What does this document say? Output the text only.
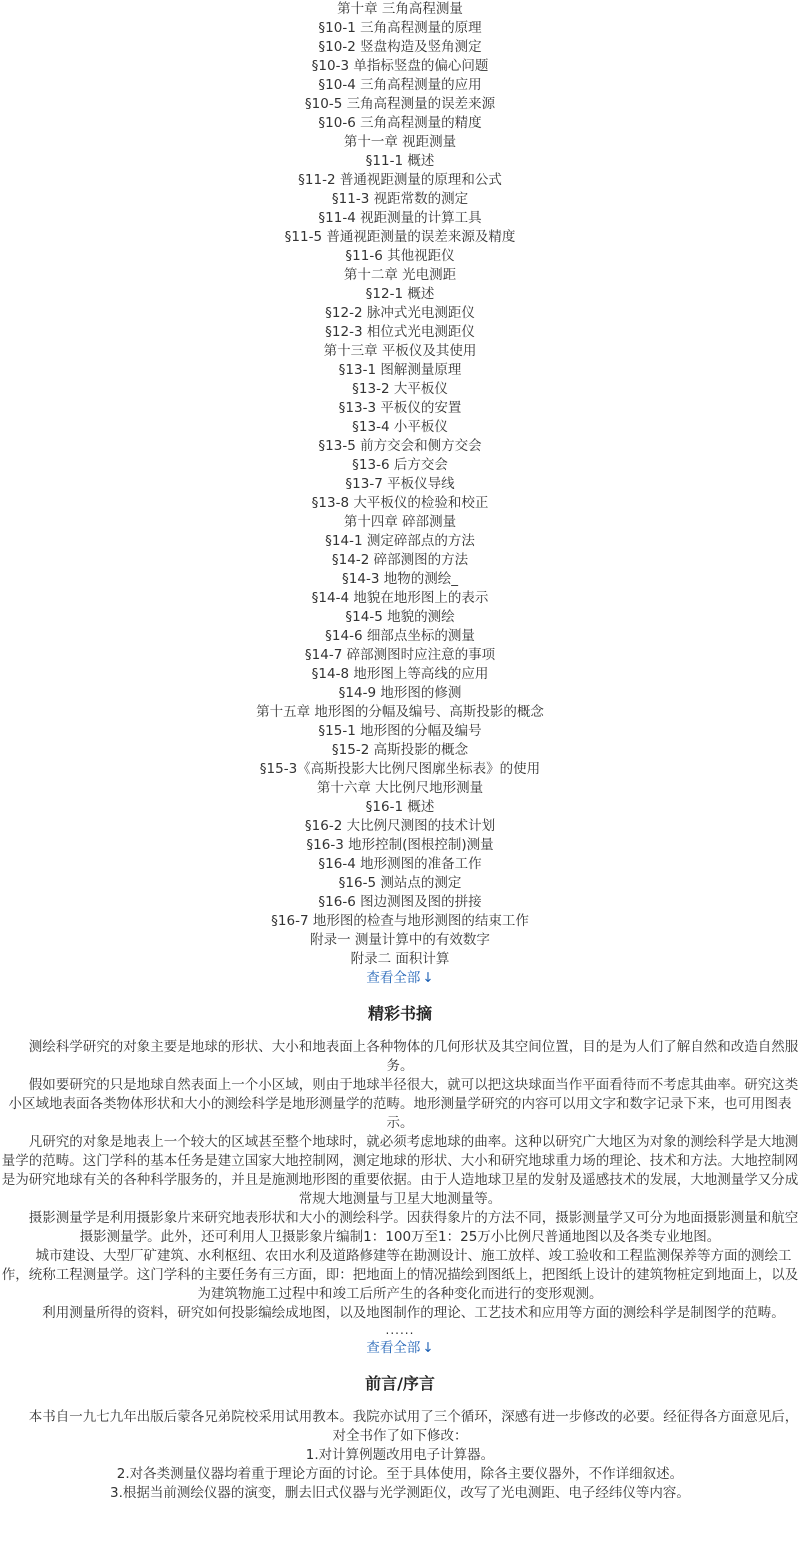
第十章 三角高程测量
§10-1 三角高程测量的原理
§10-2 竖盘构造及竖角测定
§10-3 单指标竖盘的偏心问题
§10-4 三角高程测量的应用
§10-5 三角高程测量的误差来源
§10-6 三角高程测量的精度
第十一章 视距测量
§11-1 概述
§11-2 普通视距测量的原理和公式
§11-3 视距常数的测定
§11-4 视距测量的计算工具
§11-5 普通视距测量的误差来源及精度
§11-6 其他视距仪
第十二章 光电测距
§12-1 概述
§12-2 脉冲式光电测距仪
§12-3 相位式光电测距仪
第十三章 平板仪及其使用
§13-1 图解测量原理
§13-2 大平板仪
§13-3 平板仪的安置
§13-4 小平板仪
§13-5 前方交会和侧方交会
§13-6 后方交会
§13-7 平板仪导线
§13-8 大平板仪的检验和校正
第十四章 碎部测量
§14-1 测定碎部点的方法
§14-2 碎部测图的方法
§14-3 地物的测绘_
§14-4 地貌在地形图上的表示
§14-5 地貌的测绘
§14-6 细部点坐标的测量
§14-7 碎部测图时应注意的事项
§14-8 地形图上等高线的应用
§14-9 地形图的修测
第十五章 地形图的分幅及编号、高斯投影的概念
§15-1 地形图的分幅及编号
§15-2 高斯投影的概念
§15-3《高斯投影大比例尺图廓坐标表》的使用
第十六章 大比例尺地形测量
§16-1 概述
§16-2 大比例尺测图的技术计划
§16-3 地形控制(图根控制)测量
§16-4 地形测图的准备工作
§16-5 测站点的测定
§16-6 图边测图及图的拼接
§16-7 地形图的检查与地形测图的结束工作
附录一 测量计算中的有效数字
附录二 面积计算
查看全部 ↓
精彩书摘

　　测绘科学研究的对象主要是地球的形状、大小和地表面上各种物体的几何形状及其空间位置，目的是为人们了解自然和改造自然服务。

　　假如要研究的只是地球自然表面上一个小区域，则由于地球半径很大，就可以把这块球面当作平面看待而不考虑其曲率。研究这类小区域地表面各类物体形状和大小的测绘科学是地形测量学的范畴。地形测量学研究的内容可以用文字和数字记录下来，也可用图表示。

　　凡研究的对象是地表上一个较大的区域甚至整个地球时，就必须考虑地球的曲率。这种以研究广大地区为对象的测绘科学是大地测量学的范畴。这门学科的基本任务是建立国家大地控制网，测定地球的形状、大小和研究地球重力场的理论、技术和方法。大地控制网是为研究地球有关的各种科学服务的，并且是施测地形图的重要依据。由于人造地球卫星的发射及遥感技术的发展，大地测量学又分成常规大地测量与卫星大地测量等。

　　摄影测量学是利用摄影象片来研究地表形状和大小的测绘科学。因获得象片的方法不同，摄影测量学又可分为地面摄影测量和航空摄影测量学。此外，还可利用人卫摄影象片编制1：100万至1：25万小比例尺普通地图以及各类专业地图。

　　城市建设、大型厂矿建筑、水利枢纽、农田水利及道路修建等在勘测设计、施工放样、竣工验收和工程监测保养等方面的测绘工作，统称工程测量学。这门学科的主要任务有三方面，即：把地面上的情况描绘到图纸上，把图纸上设计的建筑物桩定到地面上，以及为建筑物施工过程中和竣工后所产生的各种变化而进行的变形观测。

　　利用测量所得的资料，研究如何投影编绘成地图，以及地图制作的理论、工艺技术和应用等方面的测绘科学是制图学的范畴。

......
查看全部 ↓
前言/序言

　　本书自一九七九年出版后蒙各兄弟院校采用试用教本。我院亦试用了三个循环，深感有进一步修改的必要。经征得各方面意见后，对全书作了如下修改：

1.对计算例题改用电子计算器。

2.对各类测量仪器均着重于理论方面的讨论。至于具体使用，除各主要仪器外，不作详细叙述。

3.根据当前测绘仪器的演变，删去旧式仪器与光学测距仪，改写了光电测距、电子经纬仪等内容。
